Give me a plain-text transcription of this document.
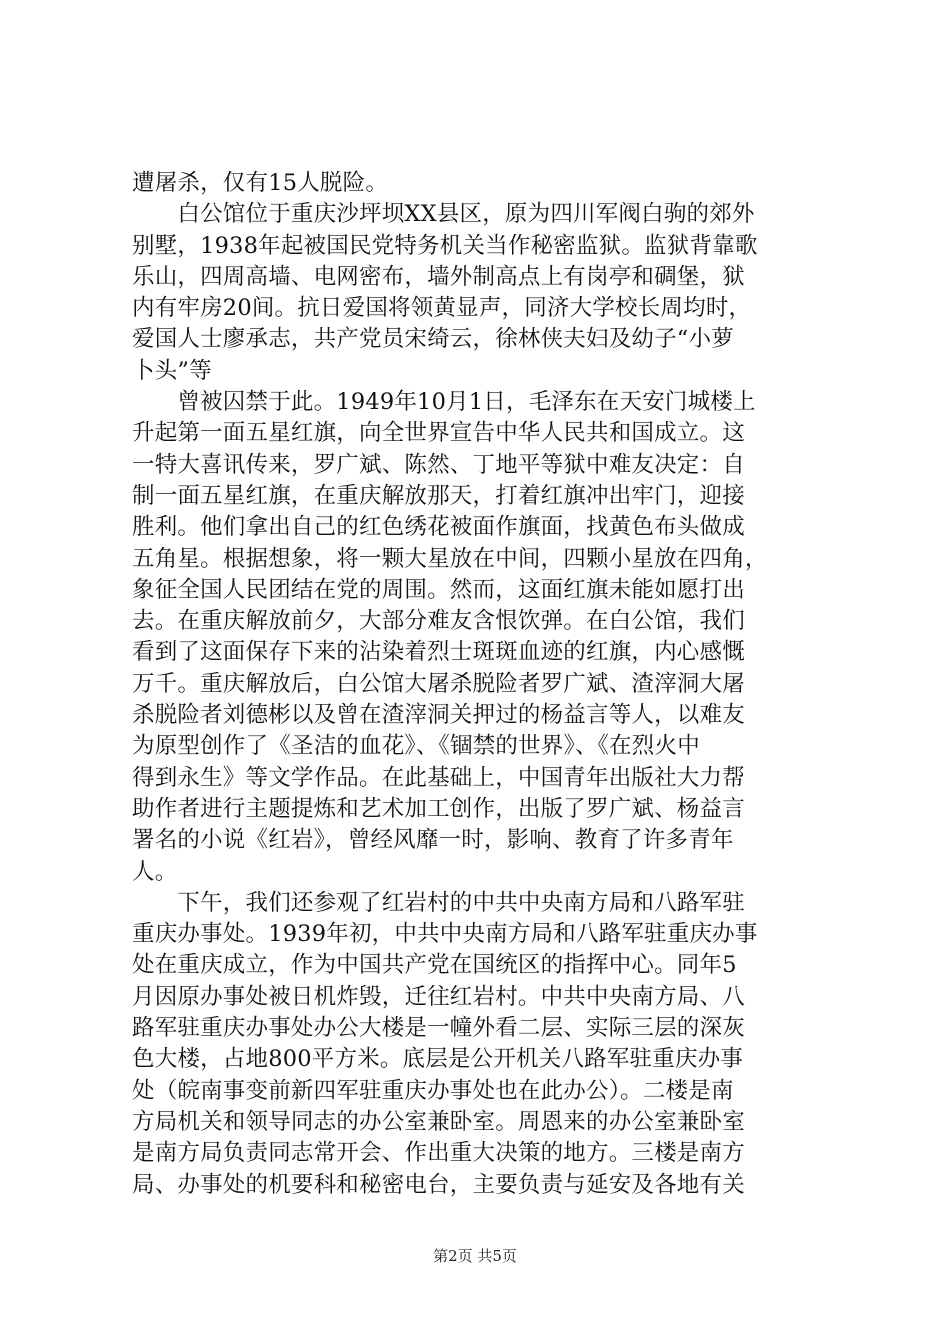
遭屠杀，仅有15人脱险。
　　白公馆位于重庆沙坪坝XX县区，原为四川军阀白驹的郊外
别墅，1938年起被国民党特务机关当作秘密监狱。监狱背靠歌
乐山，四周高墙、电网密布，墙外制高点上有岗亭和碉堡，狱
内有牢房20间。抗日爱国将领黄显声，同济大学校长周均时，
爱国人士廖承志，共产党员宋绮云，徐林侠夫妇及幼子“小萝
卜头”等
　　曾被囚禁于此。1949年10月1日，毛泽东在天安门城楼上
升起第一面五星红旗，向全世界宣告中华人民共和国成立。这
一特大喜讯传来，罗广斌、陈然、丁地平等狱中难友决定：自
制一面五星红旗，在重庆解放那天，打着红旗冲出牢门，迎接
胜利。他们拿出自己的红色绣花被面作旗面，找黄色布头做成
五角星。根据想象，将一颗大星放在中间，四颗小星放在四角，
象征全国人民团结在党的周围。然而，这面红旗未能如愿打出
去。在重庆解放前夕，大部分难友含恨饮弹。在白公馆，我们
看到了这面保存下来的沾染着烈士斑斑血迹的红旗，内心感慨
万千。重庆解放后，白公馆大屠杀脱险者罗广斌、渣滓洞大屠
杀脱险者刘德彬以及曾在渣滓洞关押过的杨益言等人，以难友
为原型创作了《圣洁的血花》、《锢禁的世界》、《在烈火中
得到永生》等文学作品。在此基础上，中国青年出版社大力帮
助作者进行主题提炼和艺术加工创作，出版了罗广斌、杨益言
署名的小说《红岩》，曾经风靡一时，影响、教育了许多青年
人。
　　下午，我们还参观了红岩村的中共中央南方局和八路军驻
重庆办事处。1939年初，中共中央南方局和八路军驻重庆办事
处在重庆成立，作为中国共产党在国统区的指挥中心。同年5
月因原办事处被日机炸毁，迁往红岩村。中共中央南方局、八
路军驻重庆办事处办公大楼是一幢外看二层、实际三层的深灰
色大楼，占地800平方米。底层是公开机关八路军驻重庆办事
处（皖南事变前新四军驻重庆办事处也在此办公）。二楼是南
方局机关和领导同志的办公室兼卧室。周恩来的办公室兼卧室
是南方局负责同志常开会、作出重大决策的地方。三楼是南方
局、办事处的机要科和秘密电台，主要负责与延安及各地有关
第2页 共5页
